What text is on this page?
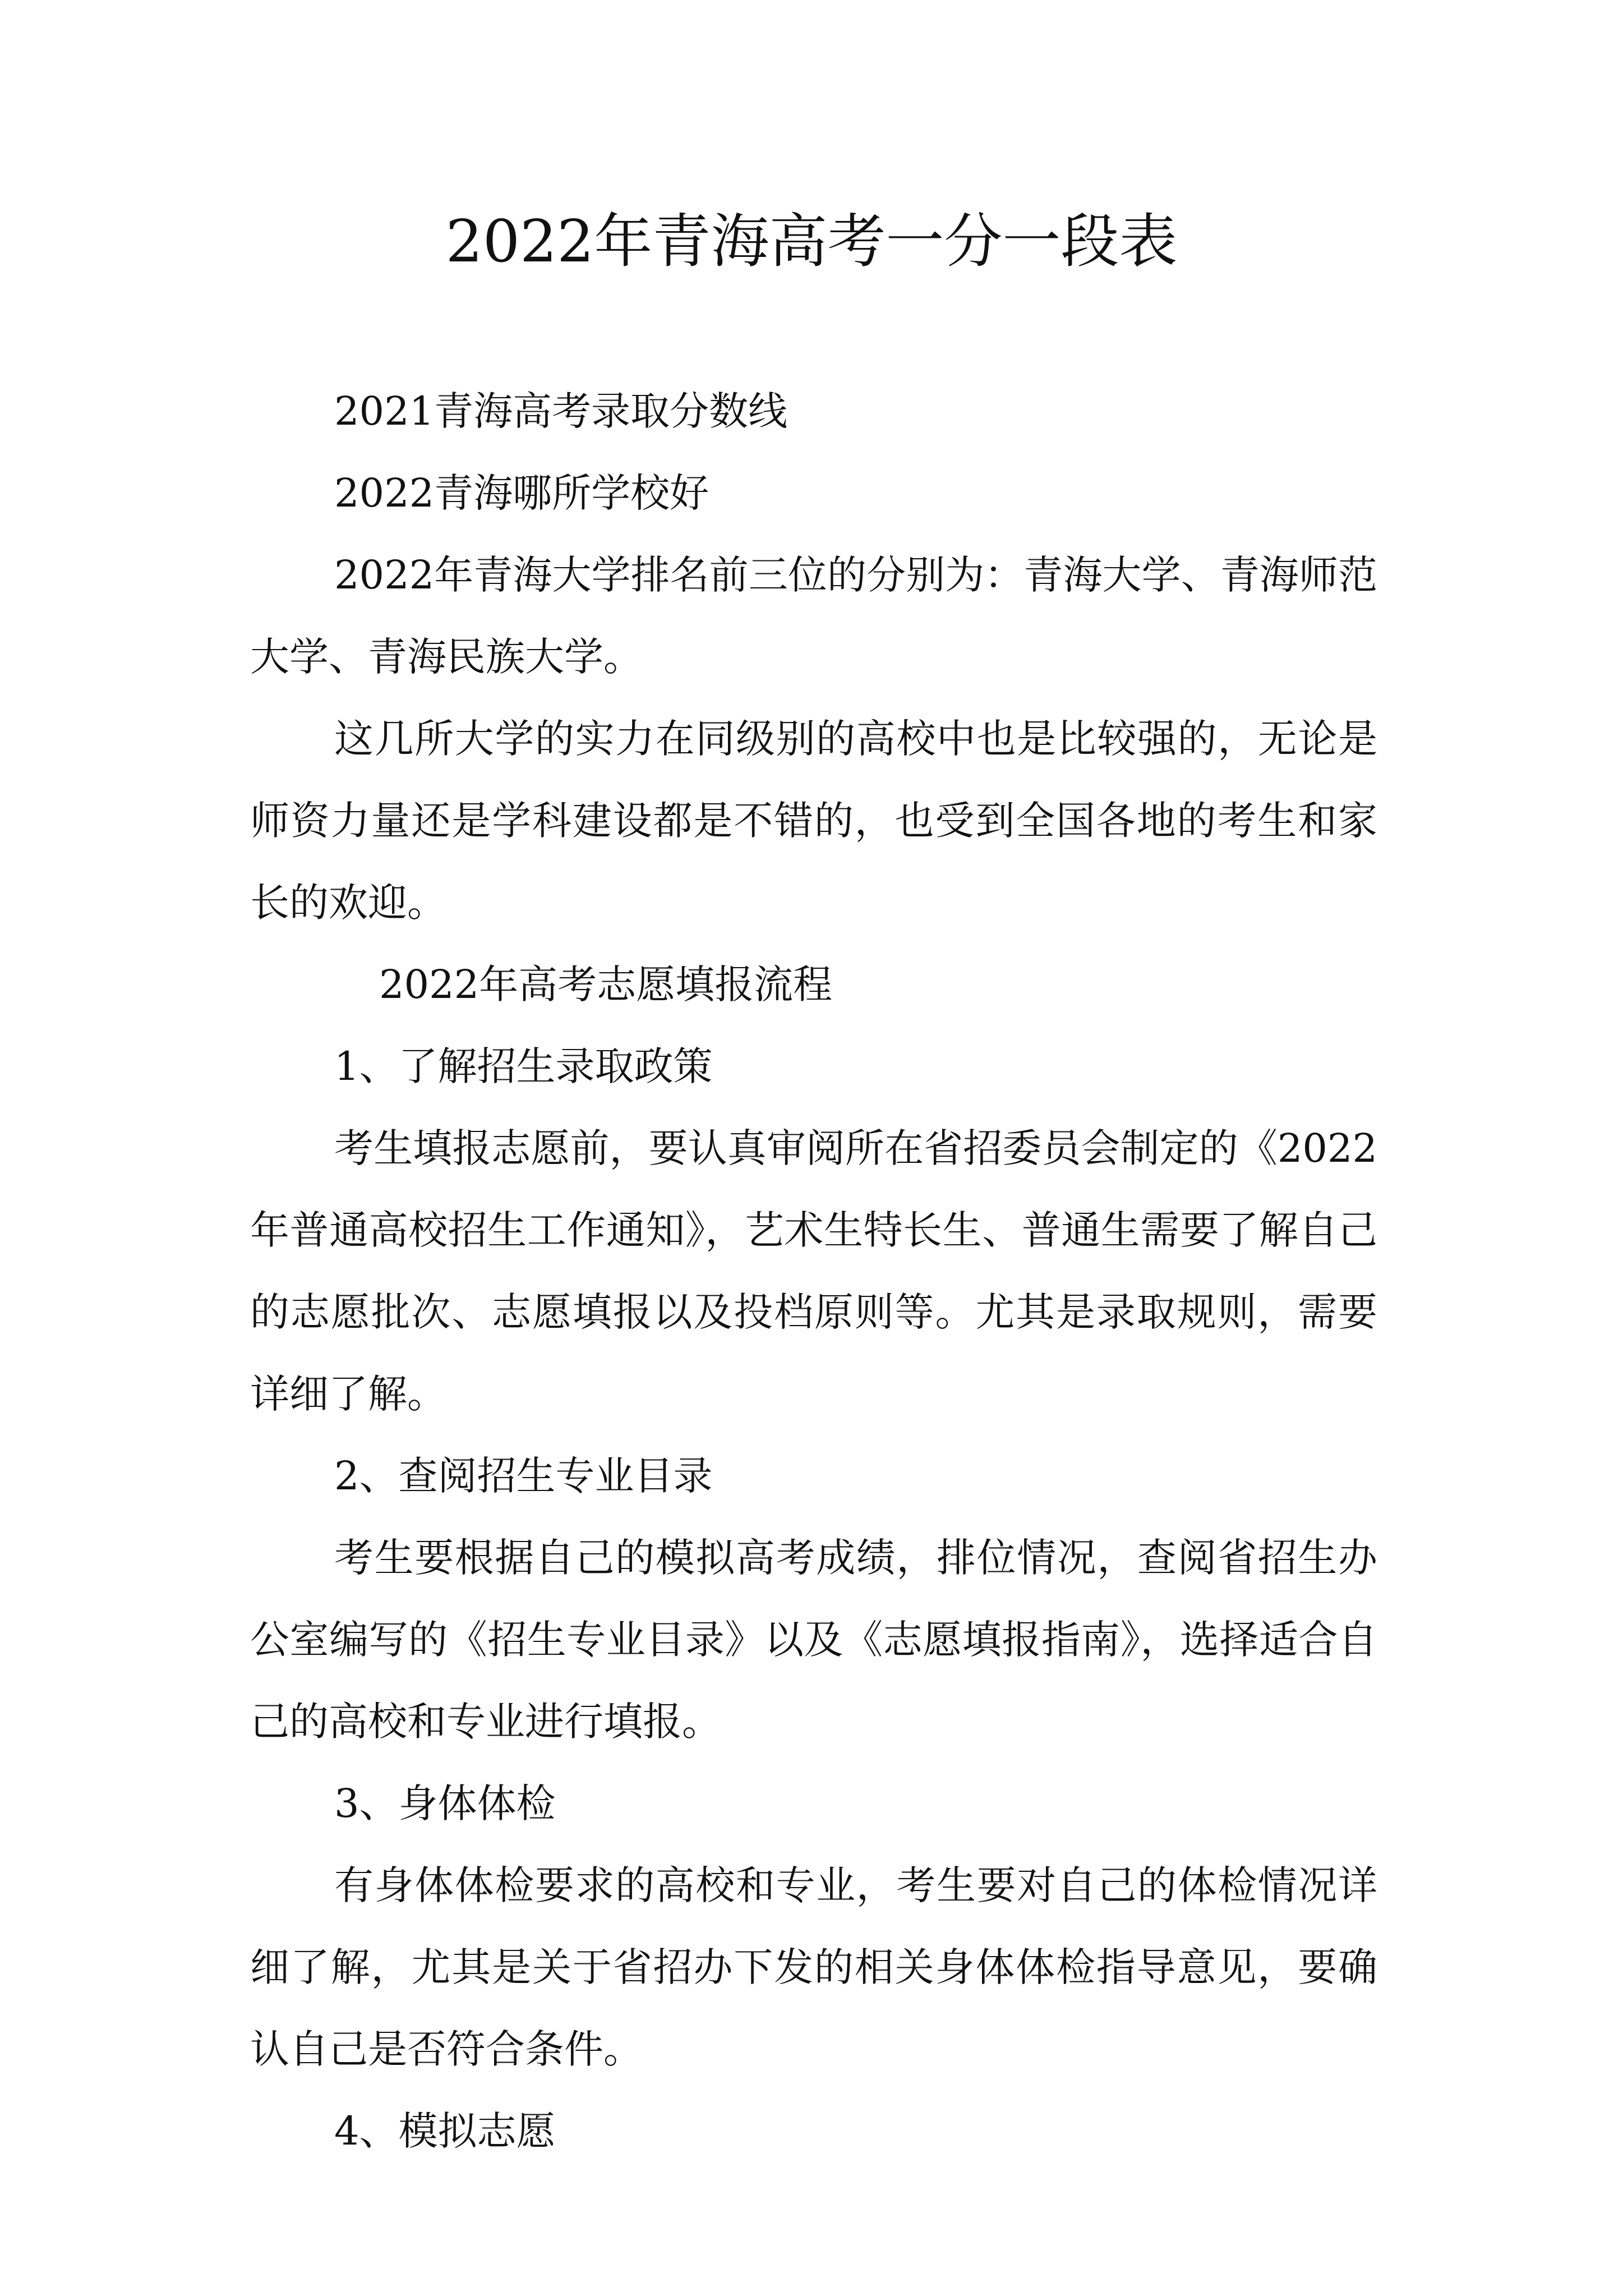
2022年青海高考一分一段表

2021青海高考录取分数线

2022青海哪所学校好

2022年青海大学排名前三位的分别为：青海大学、青海师范大学、青海民族大学。

这几所大学的实力在同级别的高校中也是比较强的，无论是师资力量还是学科建设都是不错的，也受到全国各地的考生和家长的欢迎。

2022年高考志愿填报流程

1、了解招生录取政策

考生填报志愿前，要认真审阅所在省招委员会制定的《2022年普通高校招生工作通知》，艺术生特长生、普通生需要了解自己的志愿批次、志愿填报以及投档原则等。尤其是录取规则，需要详细了解。

2、查阅招生专业目录

考生要根据自己的模拟高考成绩，排位情况，查阅省招生办公室编写的《招生专业目录》以及《志愿填报指南》，选择适合自己的高校和专业进行填报。

3、身体体检

有身体体检要求的高校和专业，考生要对自己的体检情况详细了解，尤其是关于省招办下发的相关身体体检指导意见，要确认自己是否符合条件。

4、模拟志愿
